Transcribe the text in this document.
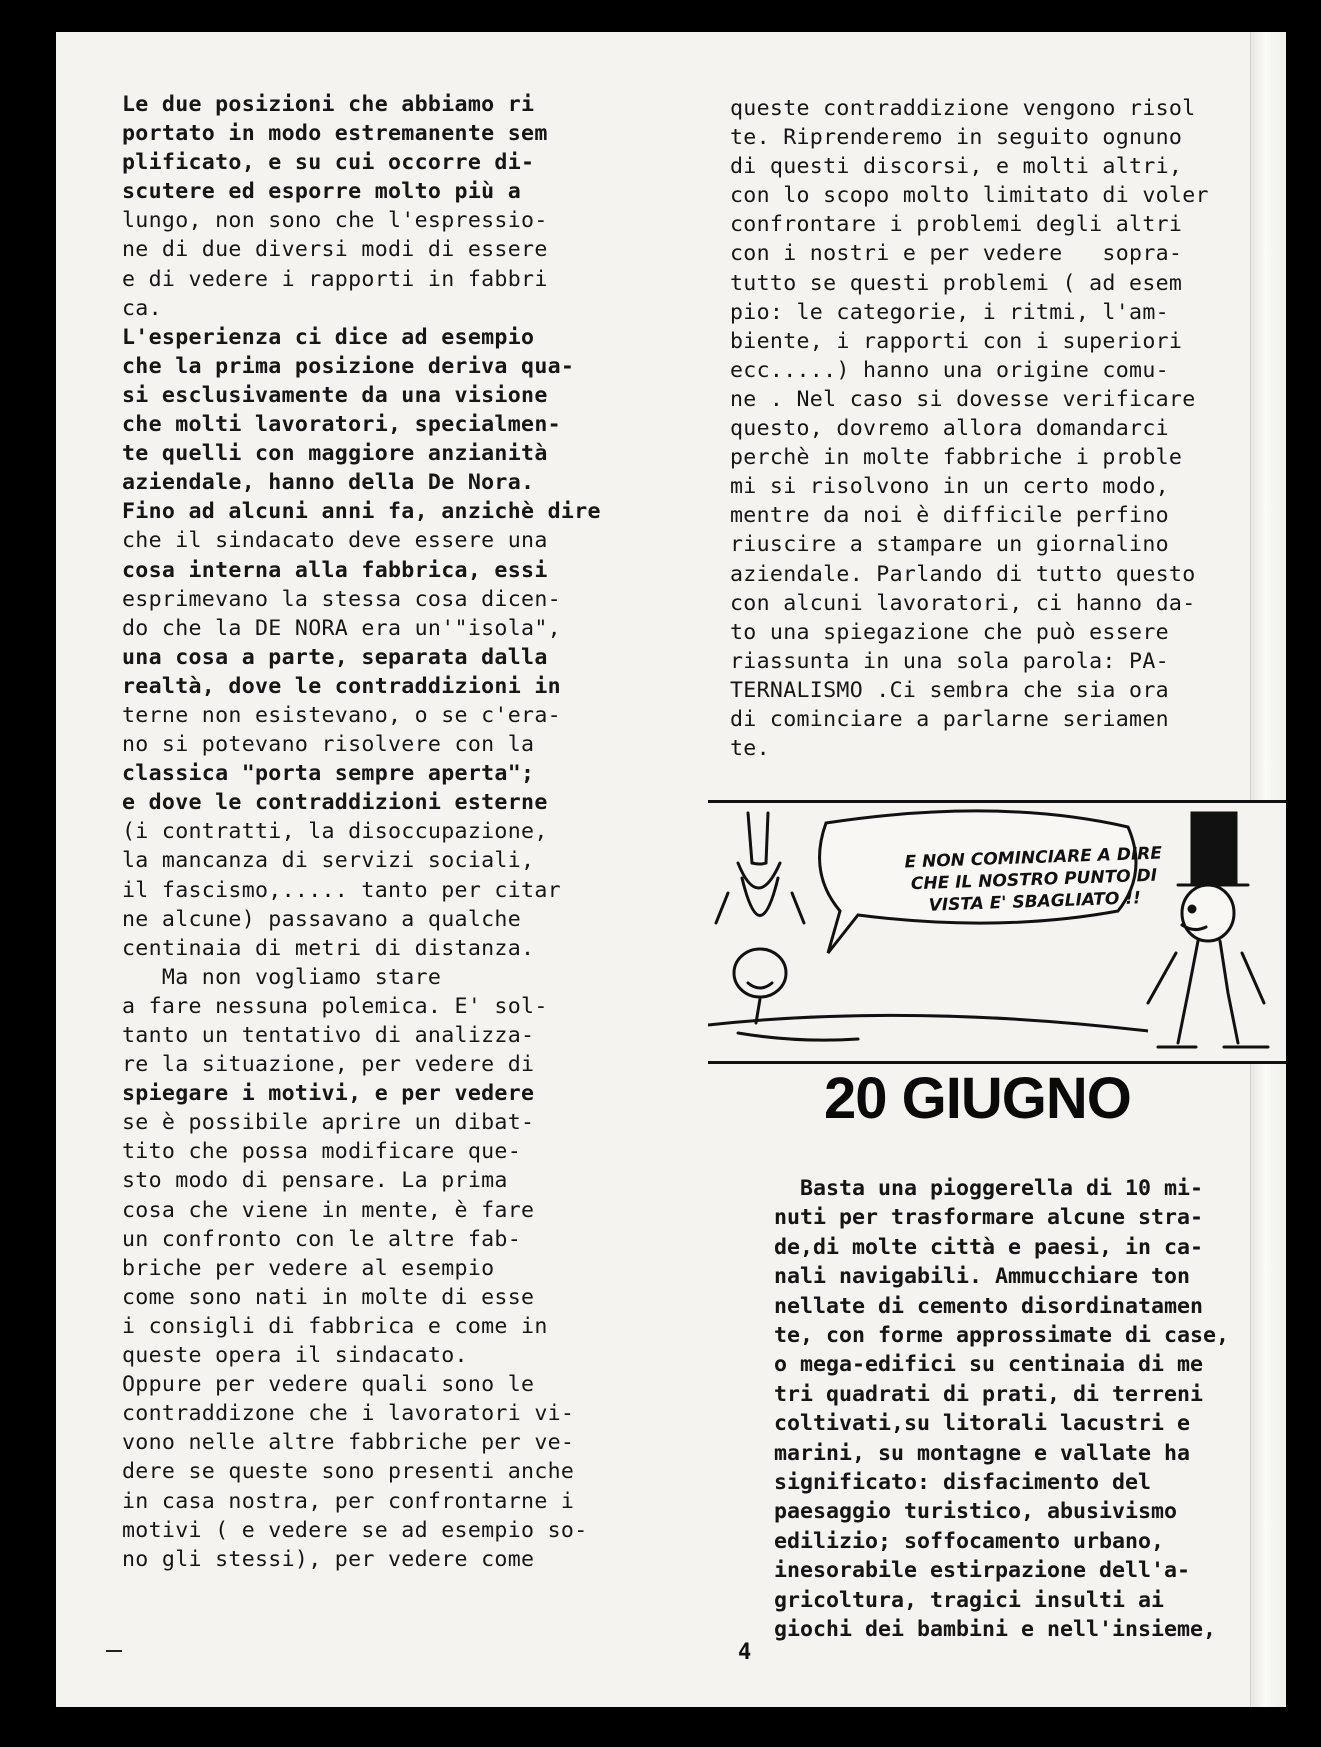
Le due posizioni che abbiamo ri
portato in modo estremanente sem
plificato, e su cui occorre di-
scutere ed esporre molto più a
lungo, non sono che l'espressio-
ne di due diversi modi di essere
e di vedere i rapporti in fabbri
ca.
L'esperienza ci dice ad esempio
che la prima posizione deriva qua-
si esclusivamente da una visione
che molti lavoratori, specialmen-
te quelli con maggiore anzianità
aziendale, hanno della De Nora.
Fino ad alcuni anni fa, anzichè dire
che il sindacato deve essere una
cosa interna alla fabbrica, essi
esprimevano la stessa cosa dicen-
do che la DE NORA era un'"isola",
una cosa a parte, separata dalla
realtà, dove le contraddizioni in
terne non esistevano, o se c'era-
no si potevano risolvere con la
classica "porta sempre aperta";
e dove le contraddizioni esterne
(i contratti, la disoccupazione,
la mancanza di servizi sociali,
il fascismo,..... tanto per citar
ne alcune) passavano a qualche
centinaia di metri di distanza.
Ma non vogliamo stare
a fare nessuna polemica. E' sol-
tanto un tentativo di analizza-
re la situazione, per vedere di
spiegare i motivi, e per vedere
se è possibile aprire un dibat-
tito che possa modificare que-
sto modo di pensare. La prima
cosa che viene in mente, è fare
un confronto con le altre fab-
briche per vedere al esempio
come sono nati in molte di esse
i consigli di fabbrica e come in
queste opera il sindacato.
Oppure per vedere quali sono le
contraddizone che i lavoratori vi-
vono nelle altre fabbriche per ve-
dere se queste sono presenti anche
in casa nostra, per confrontarne i
motivi ( e vedere se ad esempio so-
no gli stessi), per vedere come
queste contraddizione vengono risol
te. Riprenderemo in seguito ognuno
di questi discorsi, e molti altri,
con lo scopo molto limitato di voler
confrontare i problemi degli altri
con i nostri e per vedere   sopra-
tutto se questi problemi ( ad esem
pio: le categorie, i ritmi, l'am-
biente, i rapporti con i superiori
ecc.....) hanno una origine comu-
ne . Nel caso si dovesse verificare
questo, dovremo allora domandarci
perchè in molte fabbriche i proble
mi si risolvono in un certo modo,
mentre da noi è difficile perfino
riuscire a stampare un giornalino
aziendale. Parlando di tutto questo
con alcuni lavoratori, ci hanno da-
to una spiegazione che può essere
riassunta in una sola parola: PA-
TERNALISMO .Ci sembra che sia ora
di cominciare a parlarne seriamen
te.
E NON COMINCIARE A DIRE
CHE IL NOSTRO PUNTO DI
VISTA E' SBAGLIATO !!
20 GIUGNO
Basta una pioggerella di 10 mi-
nuti per trasformare alcune stra-
de,di molte città e paesi, in ca-
nali navigabili. Ammucchiare ton
nellate di cemento disordinatamen
te, con forme approssimate di case,
o mega-edifici su centinaia di me
tri quadrati di prati, di terreni
coltivati,su litorali lacustri e
marini, su montagne e vallate ha
significato: disfacimento del
paesaggio turistico, abusivismo
edilizio; soffocamento urbano,
inesorabile estirpazione dell'a-
gricoltura, tragici insulti ai
giochi dei bambini e nell'insieme,
4
